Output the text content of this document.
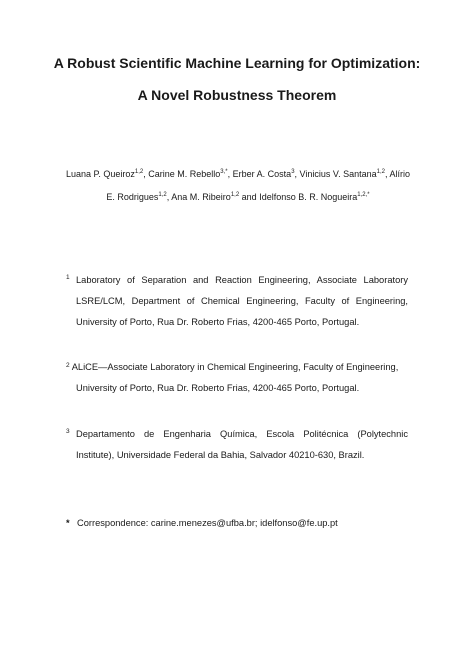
A Robust Scientific Machine Learning for Optimization:
A Novel Robustness Theorem
Luana P. Queiroz$^{1,2}$, Carine M. Rebello$^{3,*}$, Erber A. Costa$^3$, Vinicius V. Santana$^{1,2}$, Alírio E. Rodrigues$^{1,2}$, Ana M. Ribeiro$^{1,2}$ and Idelfonso B. R. Nogueira$^{1,2,*}$
1 Laboratory of Separation and Reaction Engineering, Associate Laboratory LSRE/LCM, Department of Chemical Engineering, Faculty of Engineering, University of Porto, Rua Dr. Roberto Frias, 4200-465 Porto, Portugal.
$^2$ ALiCE—Associate Laboratory in Chemical Engineering, Faculty of Engineering,
University of Porto, Rua Dr. Roberto Frias, 4200-465 Porto, Portugal.
3 Departamento de Engenharia Química, Escola Politécnica (Polytechnic Institute), Universidade Federal da Bahia, Salvador 40210-630, Brazil.
* Correspondence: carine.menezes@ufba.br; idelfonso@fe.up.pt
